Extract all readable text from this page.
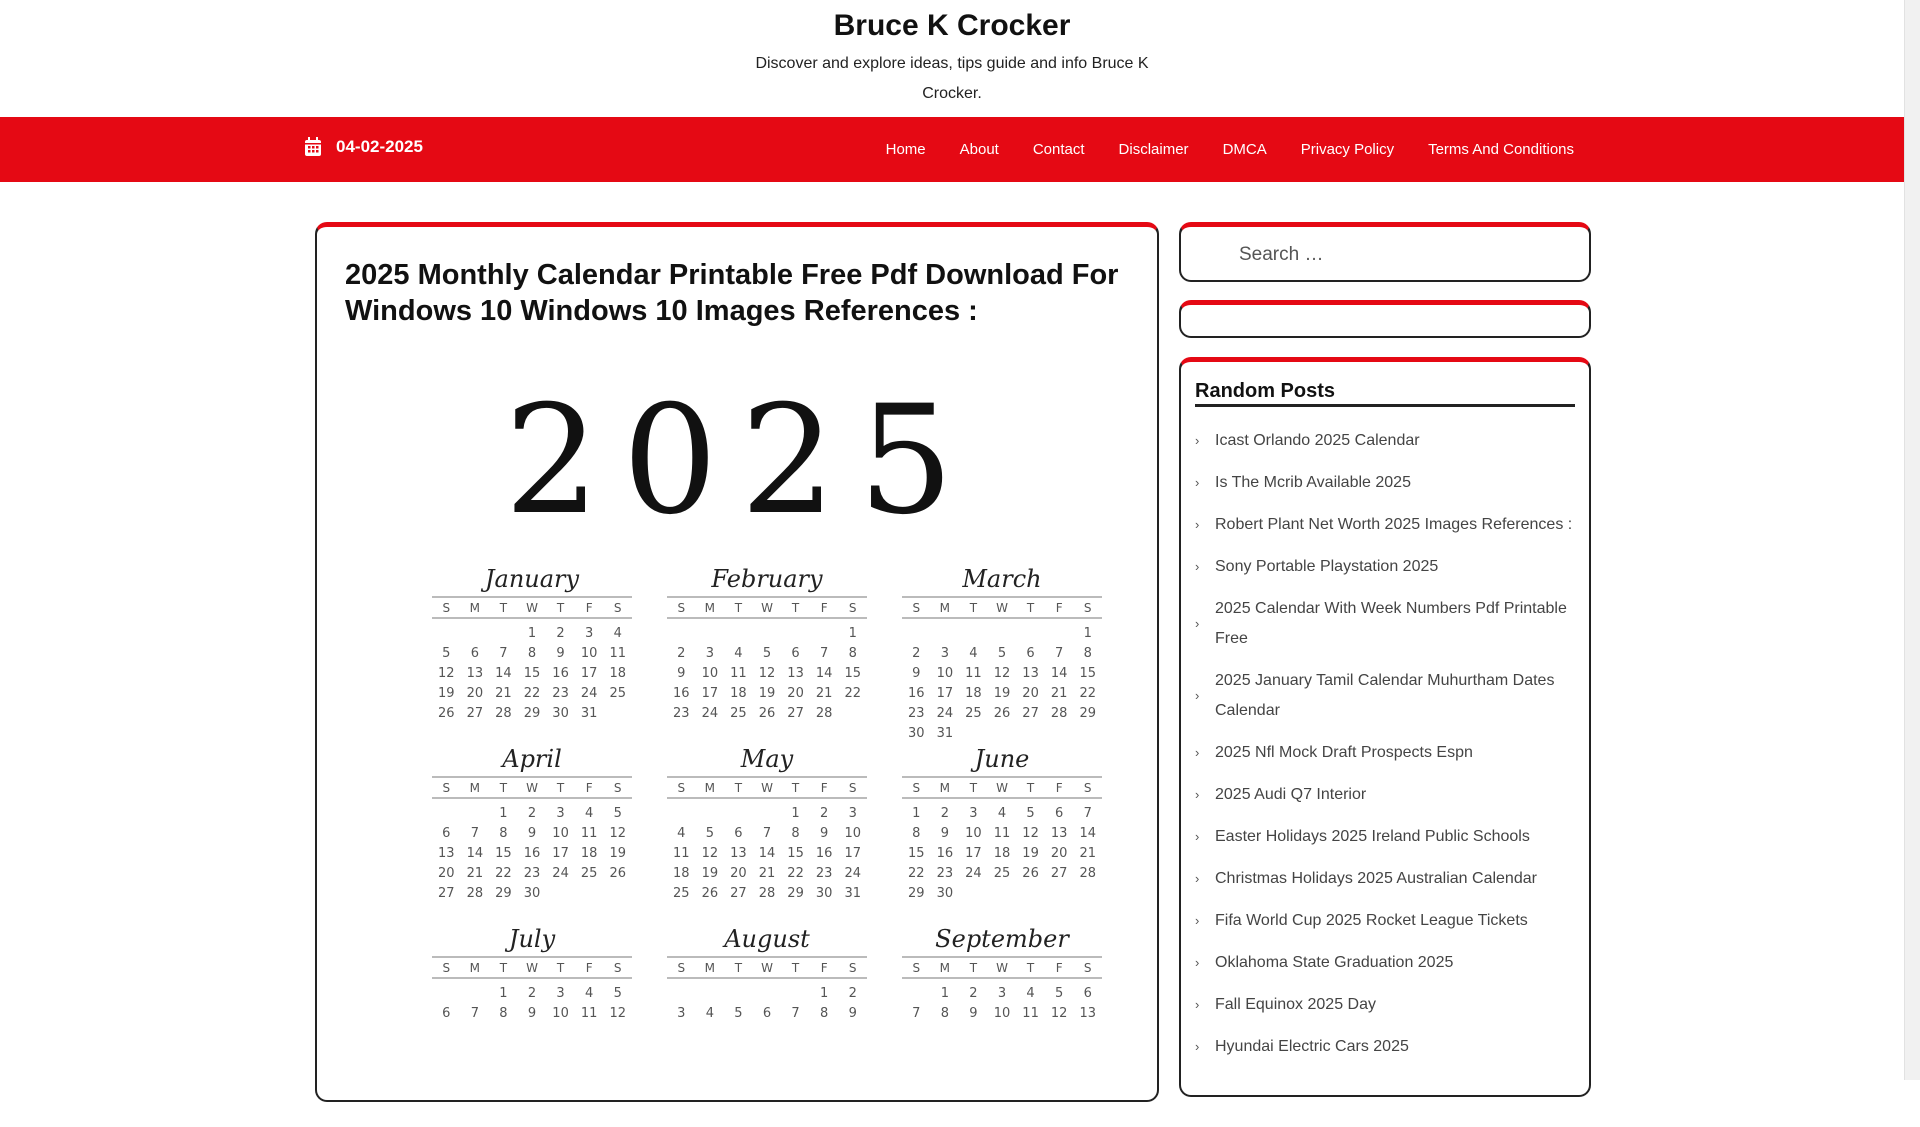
Bruce K Crocker
Discover and explore ideas, tips guide and info Bruce K Crocker.
04-02-2025	Home About Contact Disclaimer DMCA Privacy Policy Terms And Conditions
2025 Monthly Calendar Printable Free Pdf Download For Windows 10 Windows 10 Images References :
2 0 2 5
January
S M T W T F S
1 2 3 4
5 6 7 8 9 10 11
12 13 14 15 16 17 18
19 20 21 22 23 24 25
26 27 28 29 30 31
February
S M T W T F S
1
2 3 4 5 6 7 8
9 10 11 12 13 14 15
16 17 18 19 20 21 22
23 24 25 26 27 28
March
S M T W T F S
1
2 3 4 5 6 7 8
9 10 11 12 13 14 15
16 17 18 19 20 21 22
23 24 25 26 27 28 29
30 31
April
S M T W T F S
1 2 3 4 5
6 7 8 9 10 11 12
13 14 15 16 17 18 19
20 21 22 23 24 25 26
27 28 29 30
May
S M T W T F S
1 2 3
4 5 6 7 8 9 10
11 12 13 14 15 16 17
18 19 20 21 22 23 24
25 26 27 28 29 30 31
June
S M T W T F S
1 2 3 4 5 6 7
8 9 10 11 12 13 14
15 16 17 18 19 20 21
22 23 24 25 26 27 28
29 30
July
S M T W T F S
1 2 3 4 5
6 7 8 9 10 11 12
August
S M T W T F S
1 2
3 4 5 6 7 8 9
September
S M T W T F S
1 2 3 4 5 6
7 8 9 10 11 12 13
Search …
Random Posts
› Icast Orlando 2025 Calendar
› Is The Mcrib Available 2025
› Robert Plant Net Worth 2025 Images References :
› Sony Portable Playstation 2025
›
2025 Calendar With Week Numbers Pdf Printable Free
›
2025 January Tamil Calendar Muhurtham Dates Calendar
› 2025 Nfl Mock Draft Prospects Espn
› 2025 Audi Q7 Interior
› Easter Holidays 2025 Ireland Public Schools
› Christmas Holidays 2025 Australian Calendar
› Fifa World Cup 2025 Rocket League Tickets
› Oklahoma State Graduation 2025
› Fall Equinox 2025 Day
› Hyundai Electric Cars 2025
